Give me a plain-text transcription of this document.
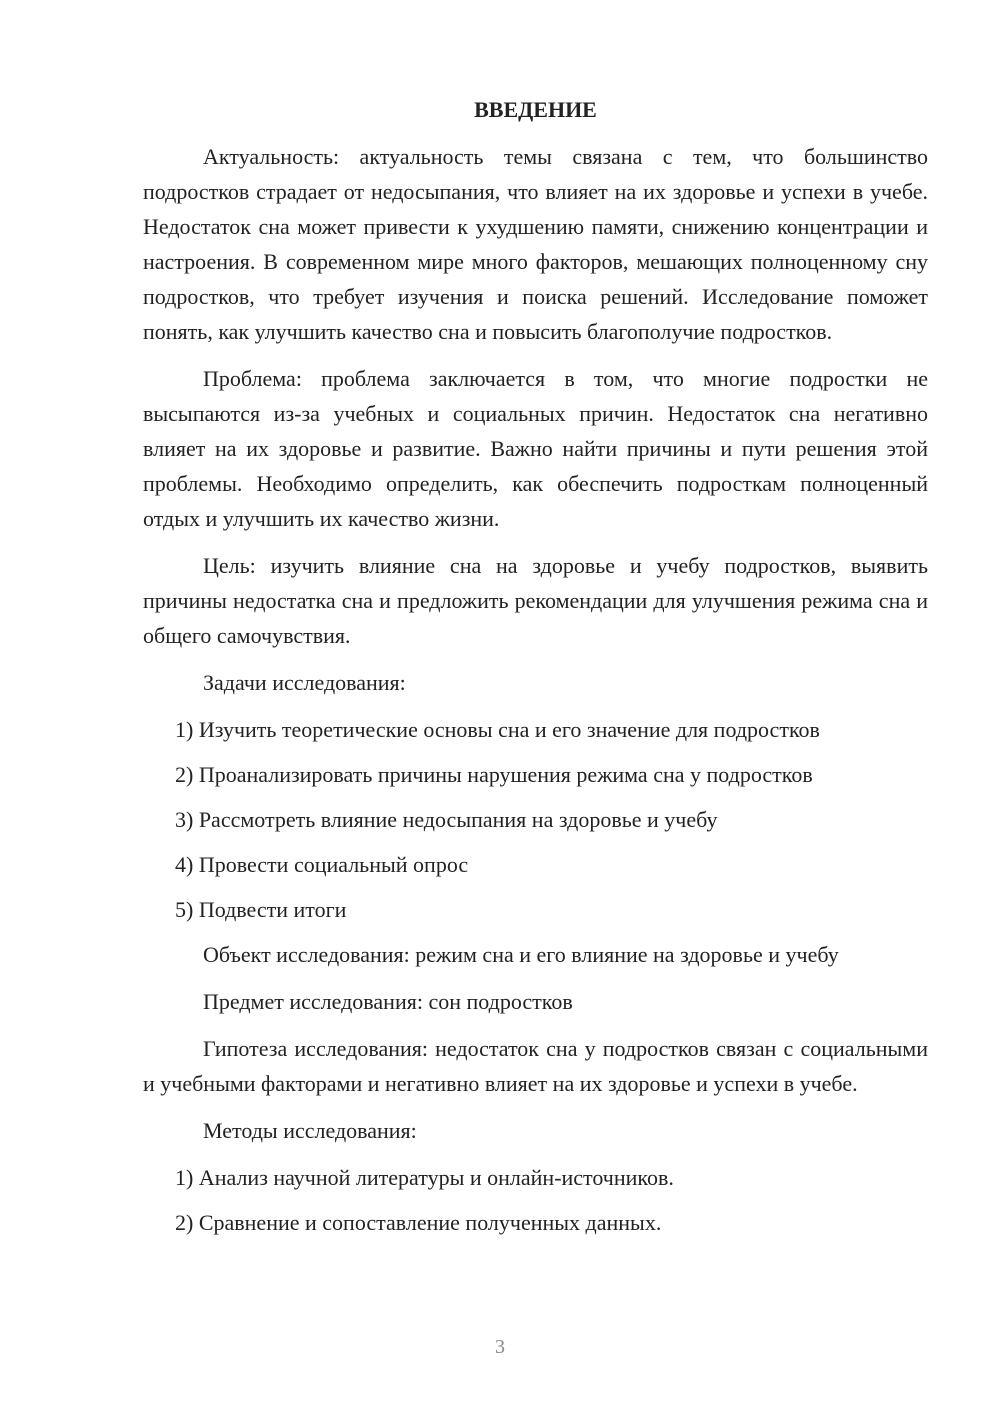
ВВЕДЕНИЕ

Актуальность: актуальность темы связана с тем, что большинство подростков страдает от недосыпания, что влияет на их здоровье и успехи в учебе. Недостаток сна может привести к ухудшению памяти, снижению концентрации и настроения. В современном мире много факторов, мешающих полноценному сну подростков, что требует изучения и поиска решений. Исследование поможет понять, как улучшить качество сна и повысить благополучие подростков.

Проблема: проблема заключается в том, что многие подростки не высыпаются из-за учебных и социальных причин. Недостаток сна негативно влияет на их здоровье и развитие. Важно найти причины и пути решения этой проблемы. Необходимо определить, как обеспечить подросткам полноценный отдых и улучшить их качество жизни.

Цель: изучить влияние сна на здоровье и учебу подростков, выявить причины недостатка сна и предложить рекомендации для улучшения режима сна и общего самочувствия.

Задачи исследования:

1) Изучить теоретические основы сна и его значение для подростков

2) Проанализировать причины нарушения режима сна у подростков

3) Рассмотреть влияние недосыпания на здоровье и учебу

4) Провести социальный опрос

5) Подвести итоги

Объект исследования: режим сна и его влияние на здоровье и учебу

Предмет исследования: сон подростков

Гипотеза исследования: недостаток сна у подростков связан с социальными и учебными факторами и негативно влияет на их здоровье и успехи в учебе.

Методы исследования:

1) Анализ научной литературы и онлайн-источников.

2) Сравнение и сопоставление полученных данных.

3
